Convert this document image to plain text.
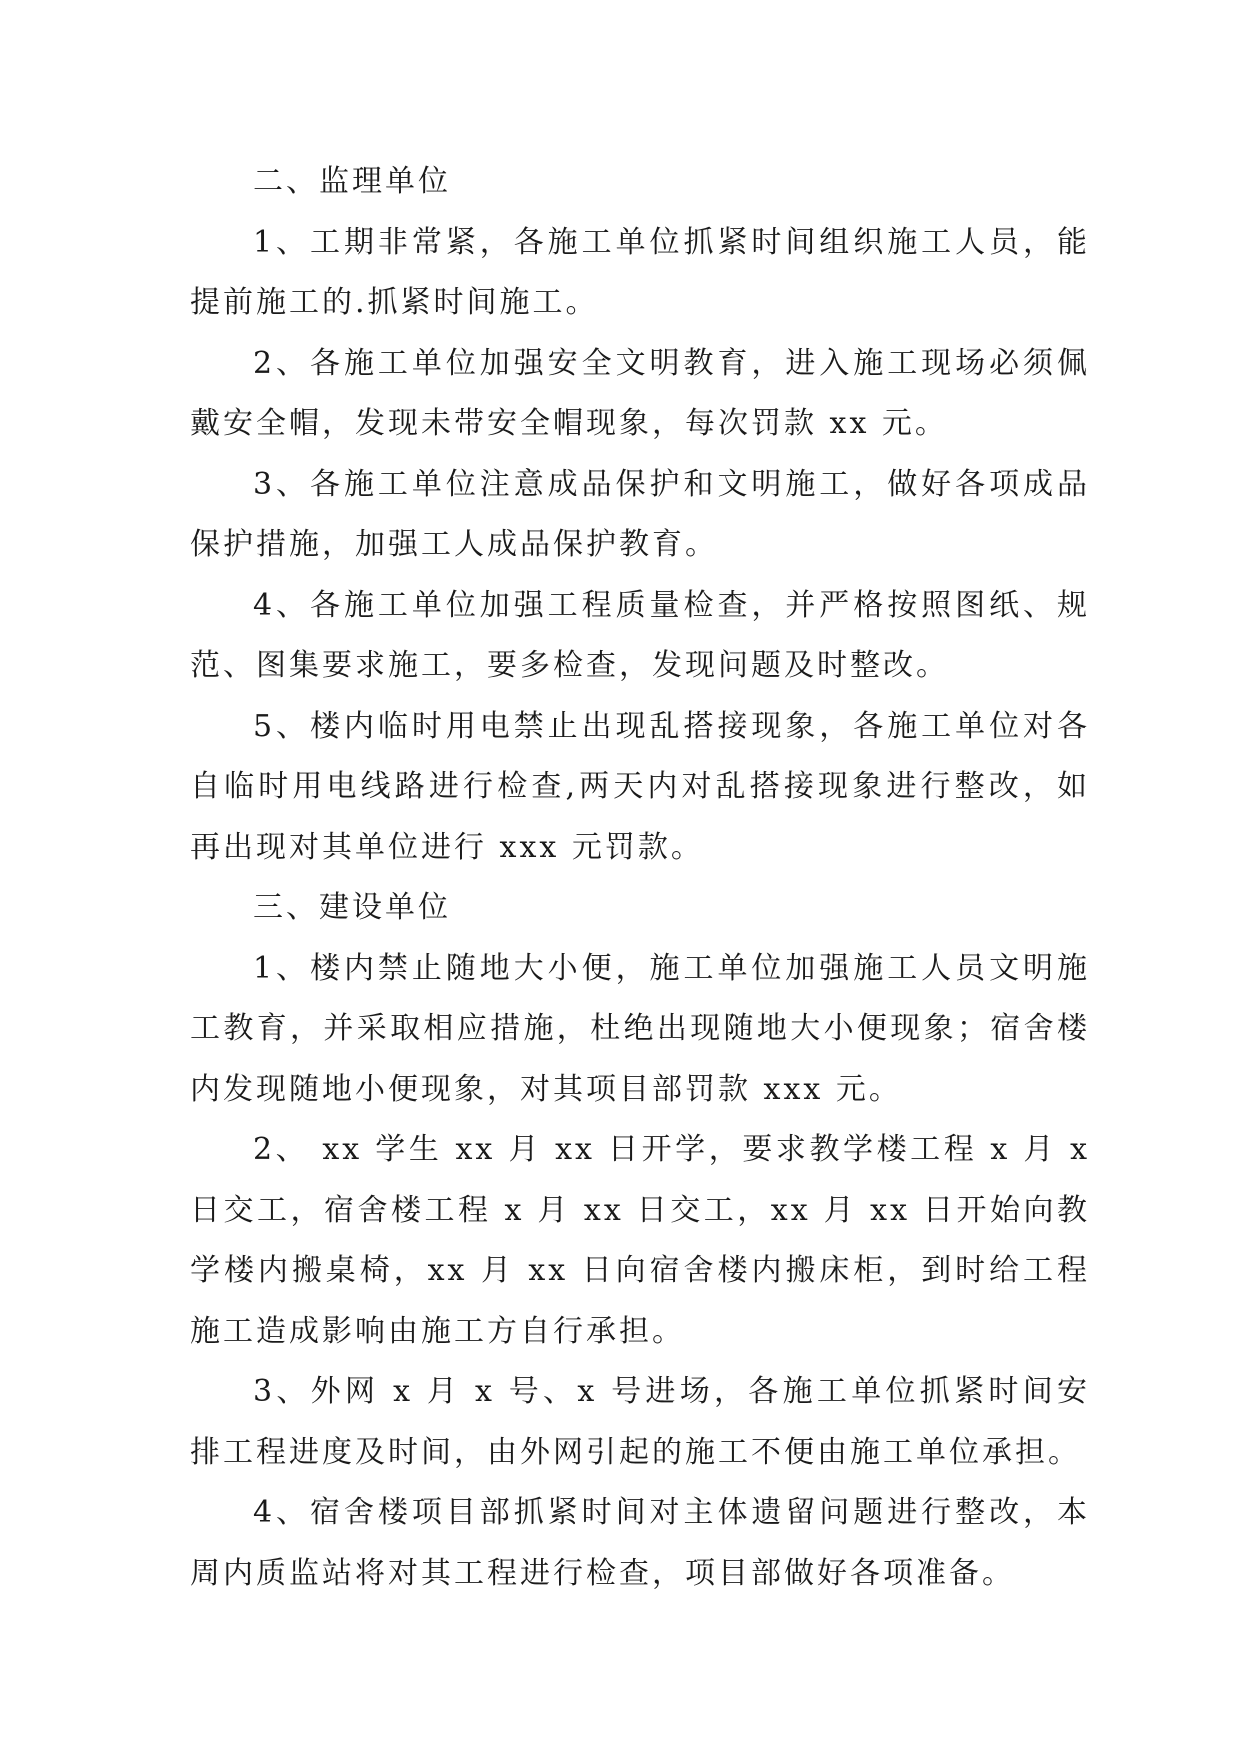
二、监理单位

1、工期非常紧，各施工单位抓紧时间组织施工人员，能提前施工的.抓紧时间施工。

2、各施工单位加强安全文明教育，进入施工现场必须佩戴安全帽，发现未带安全帽现象，每次罚款 xx 元。

3、各施工单位注意成品保护和文明施工，做好各项成品保护措施，加强工人成品保护教育。

4、各施工单位加强工程质量检查，并严格按照图纸、规范、图集要求施工，要多检查，发现问题及时整改。

5、楼内临时用电禁止出现乱搭接现象，各施工单位对各自临时用电线路进行检查,两天内对乱搭接现象进行整改，如再出现对其单位进行 xxx 元罚款。

三、建设单位

1、楼内禁止随地大小便，施工单位加强施工人员文明施工教育，并采取相应措施，杜绝出现随地大小便现象；宿舍楼内发现随地小便现象，对其项目部罚款 xxx 元。

2、 xx 学生 xx 月 xx 日开学，要求教学楼工程 x 月 x 日交工，宿舍楼工程 x 月 xx 日交工，xx 月 xx 日开始向教学楼内搬桌椅，xx 月 xx 日向宿舍楼内搬床柜，到时给工程施工造成影响由施工方自行承担。

3、外网 x 月 x 号、x 号进场，各施工单位抓紧时间安排工程进度及时间，由外网引起的施工不便由施工单位承担。

4、宿舍楼项目部抓紧时间对主体遗留问题进行整改，本周内质监站将对其工程进行检查，项目部做好各项准备。
